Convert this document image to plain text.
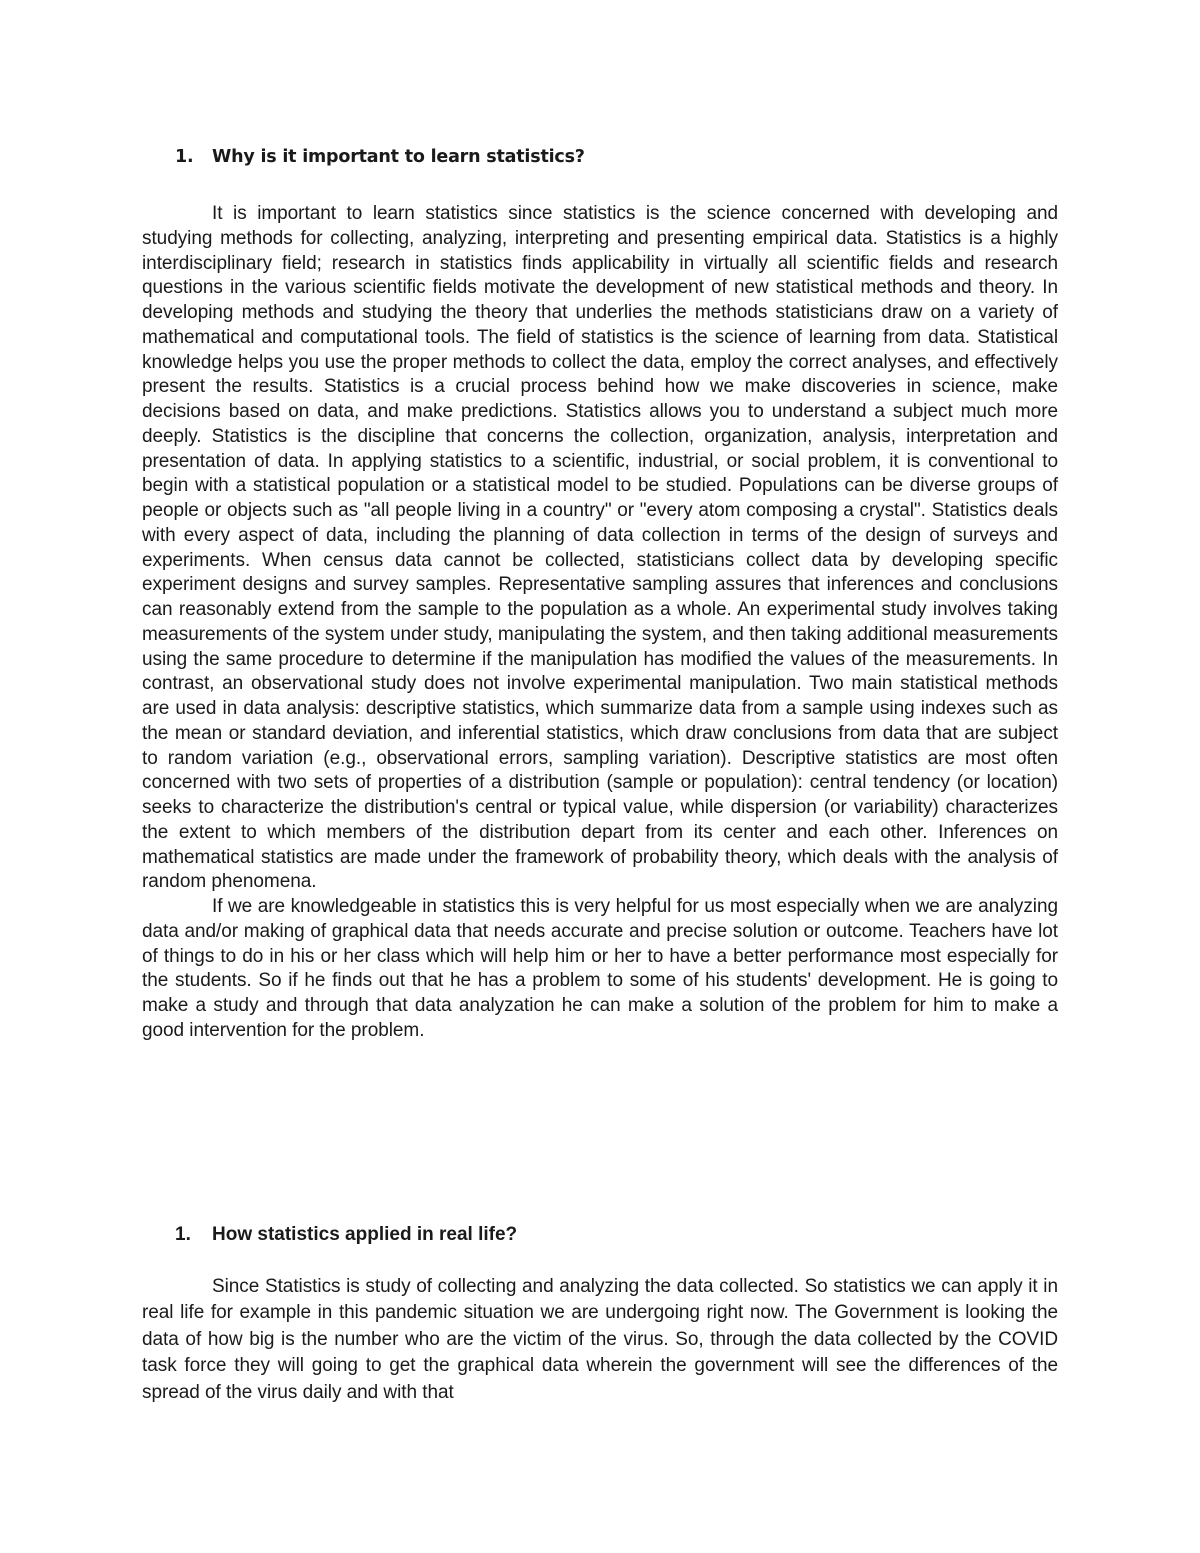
1. Why is it important to learn statistics?

It is important to learn statistics since statistics is the science concerned with developing and studying methods for collecting, analyzing, interpreting and presenting empirical data. Statistics is a highly interdisciplinary field; research in statistics finds applicability in virtually all scientific fields and research questions in the various scientific fields motivate the development of new statistical methods and theory. In developing methods and studying the theory that underlies the methods statisticians draw on a variety of mathematical and computational tools. The field of statistics is the science of learning from data. Statistical knowledge helps you use the proper methods to collect the data, employ the correct analyses, and effectively present the results. Statistics is a crucial process behind how we make discoveries in science, make decisions based on data, and make predictions. Statistics allows you to understand a subject much more deeply. Statistics is the discipline that concerns the collection, organization, analysis, interpretation and presentation of data. In applying statistics to a scientific, industrial, or social problem, it is conventional to begin with a statistical population or a statistical model to be studied. Populations can be diverse groups of people or objects such as "all people living in a country" or "every atom composing a crystal". Statistics deals with every aspect of data, including the planning of data collection in terms of the design of surveys and experiments. When census data cannot be collected, statisticians collect data by developing specific experiment designs and survey samples. Representative sampling assures that inferences and conclusions can reasonably extend from the sample to the population as a whole. An experimental study involves taking measurements of the system under study, manipulating the system, and then taking additional measurements using the same procedure to determine if the manipulation has modified the values of the measurements. In contrast, an observational study does not involve experimental manipulation. Two main statistical methods are used in data analysis: descriptive statistics, which summarize data from a sample using indexes such as the mean or standard deviation, and inferential statistics, which draw conclusions from data that are subject to random variation (e.g., observational errors, sampling variation). Descriptive statistics are most often concerned with two sets of properties of a distribution (sample or population): central tendency (or location) seeks to characterize the distribution's central or typical value, while dispersion (or variability) characterizes the extent to which members of the distribution depart from its center and each other. Inferences on mathematical statistics are made under the framework of probability theory, which deals with the analysis of random phenomena.

If we are knowledgeable in statistics this is very helpful for us most especially when we are analyzing data and/or making of graphical data that needs accurate and precise solution or outcome. Teachers have lot of things to do in his or her class which will help him or her to have a better performance most especially for the students. So if he finds out that he has a problem to some of his students' development. He is going to make a study and through that data analyzation he can make a solution of the problem for him to make a good intervention for the problem.

1. How statistics applied in real life?

Since Statistics is study of collecting and analyzing the data collected. So statistics we can apply it in real life for example in this pandemic situation we are undergoing right now. The Government is looking the data of how big is the number who are the victim of the virus. So, through the data collected by the COVID task force they will going to get the graphical data wherein the government will see the differences of the spread of the virus daily and with that
